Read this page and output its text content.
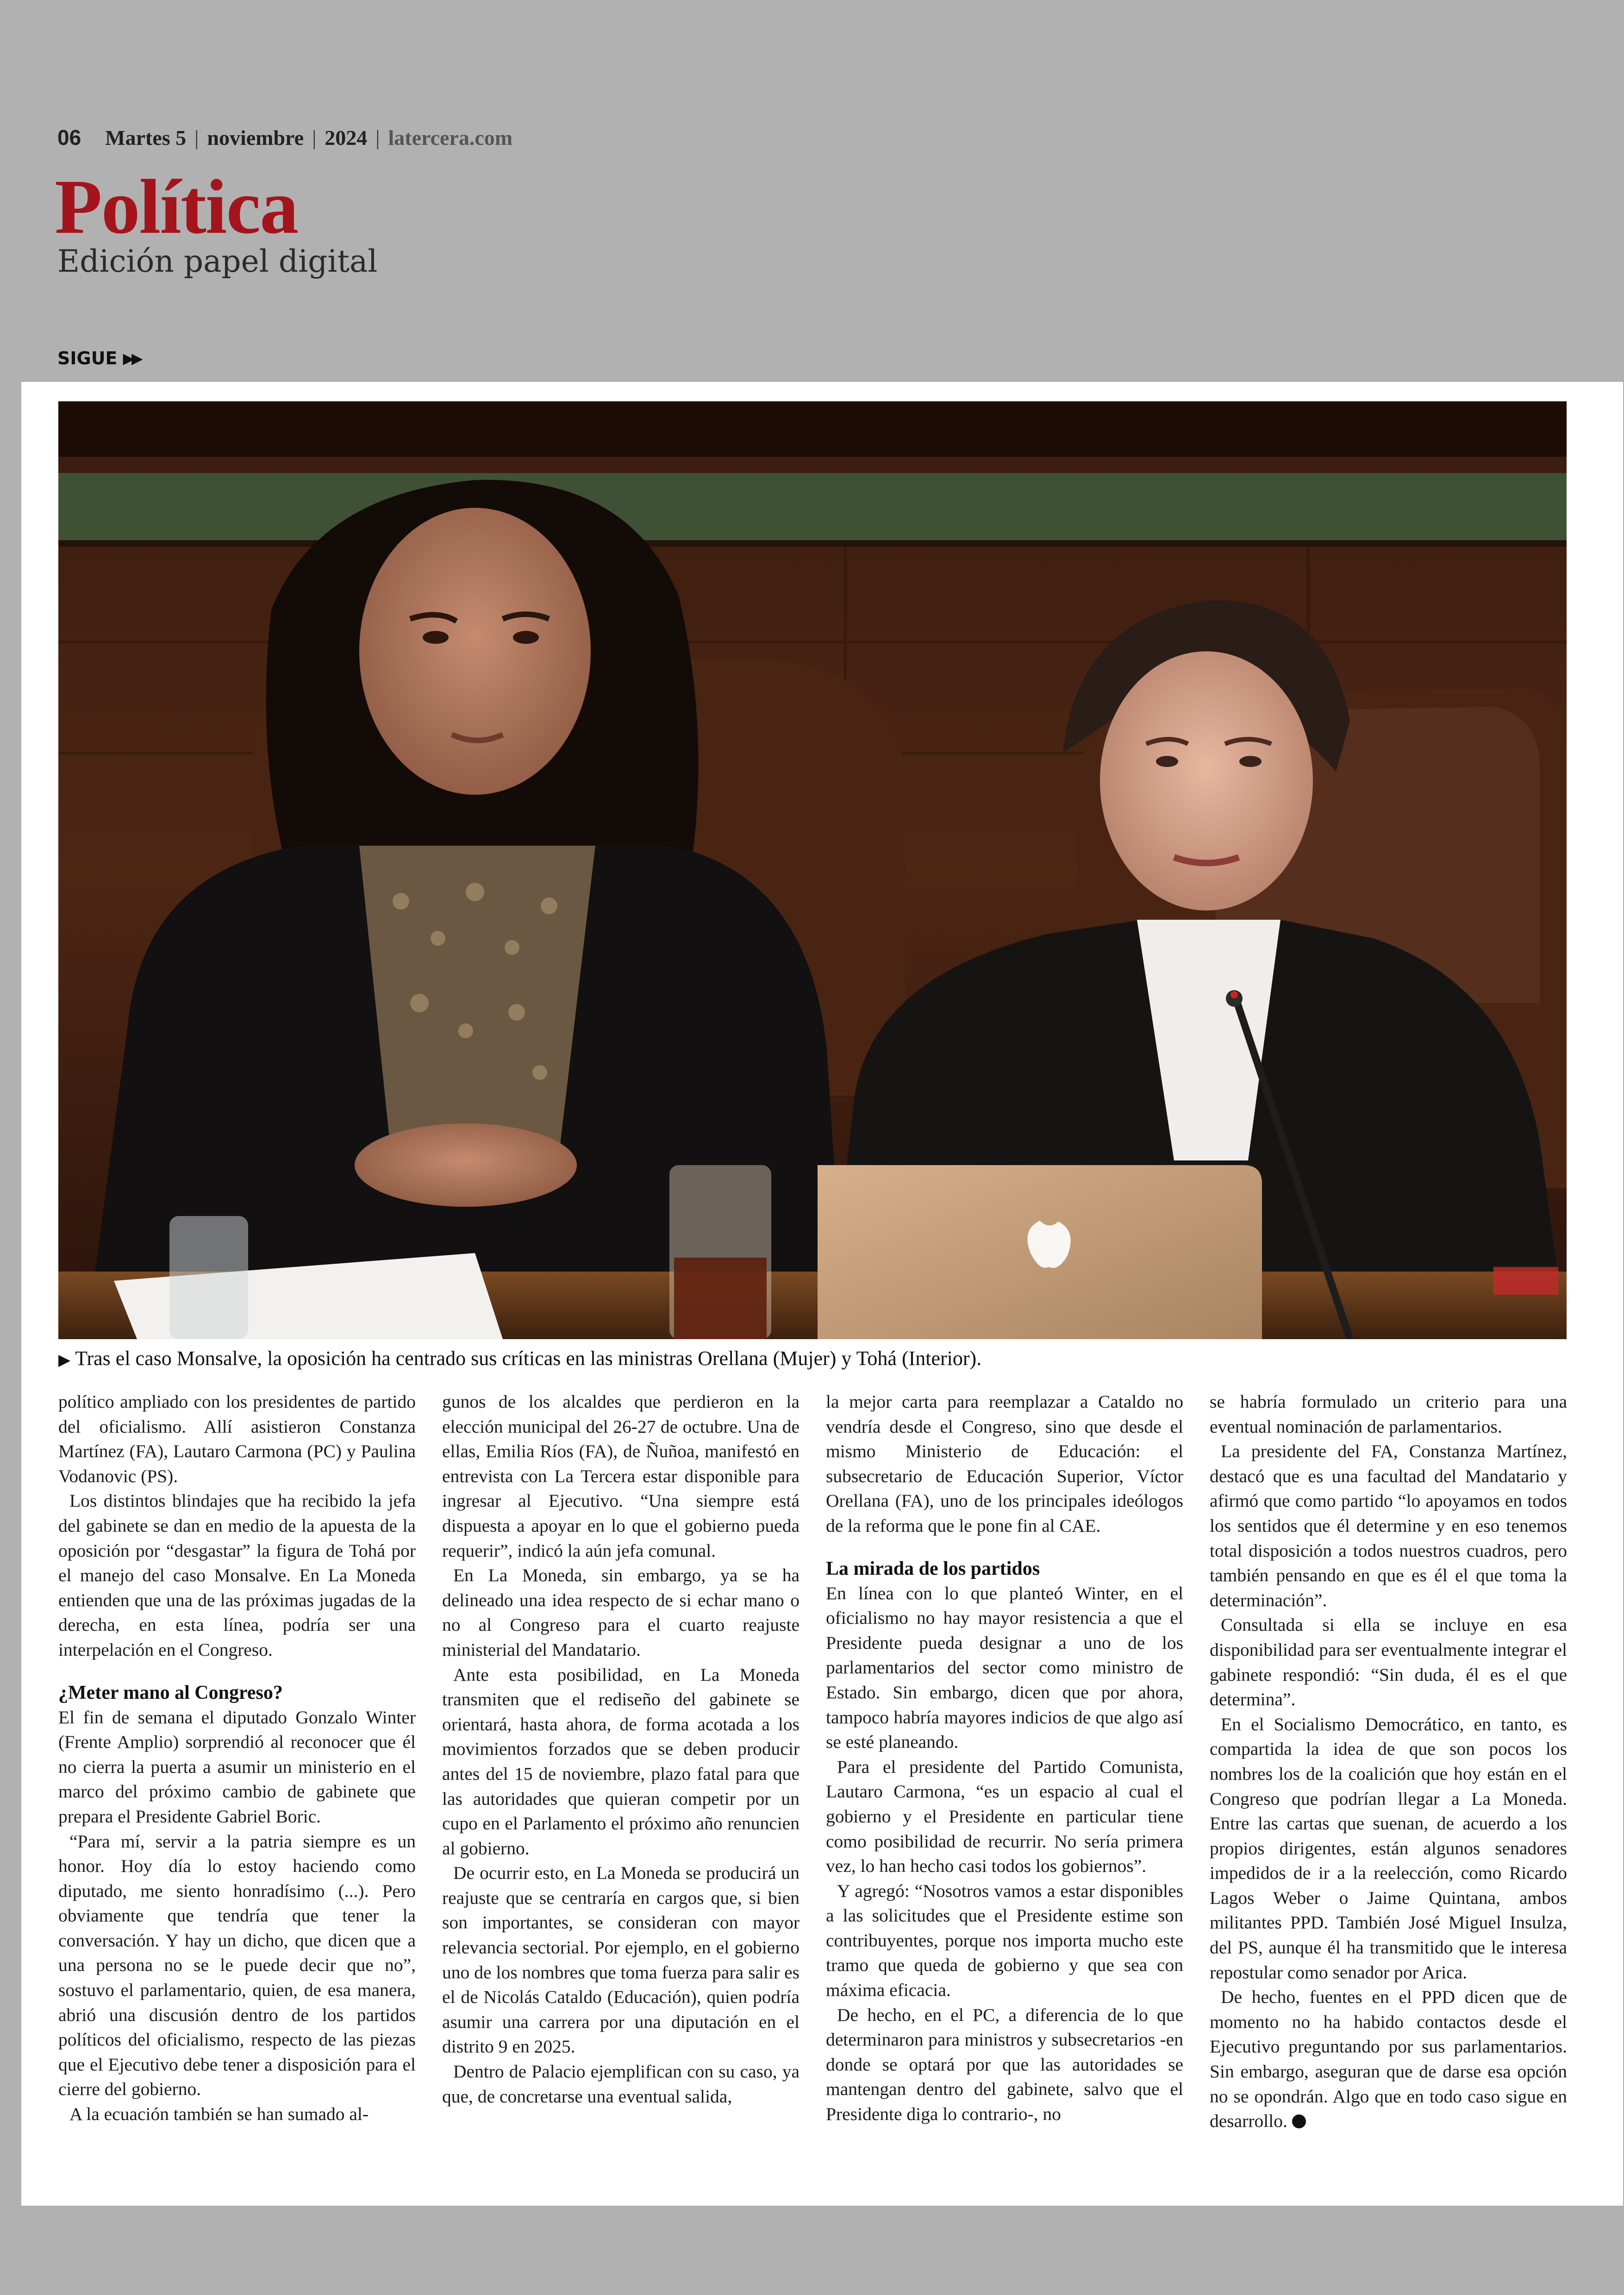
06 Martes 5 | noviembre | 2024 | latercera.com
Política
Edición papel digital
SIGUE ▶▶
▶ Tras el caso Monsalve, la oposición ha centrado sus críticas en las ministras Orellana (Mujer) y Tohá (Interior).

político ampliado con los presidentes de partido del oficialismo. Allí asistieron Constanza Martínez (FA), Lautaro Carmona (PC) y Paulina Vodanovic (PS).

Los distintos blindajes que ha recibido la jefa del gabinete se dan en medio de la apuesta de la oposición por “desgastar” la figura de Tohá por el manejo del caso Monsalve. En La Moneda entienden que una de las próximas jugadas de la derecha, en esta línea, podría ser una interpelación en el Congreso.

¿Meter mano al Congreso?

El fin de semana el diputado Gonzalo Winter (Frente Amplio) sorprendió al reconocer que él no cierra la puerta a asumir un ministerio en el marco del próximo cambio de gabinete que prepara el Presidente Gabriel Boric.

“Para mí, servir a la patria siempre es un honor. Hoy día lo estoy haciendo como diputado, me siento honradísimo (...). Pero obviamente que tendría que tener la conversación. Y hay un dicho, que dicen que a una persona no se le puede decir que no”, sostuvo el parlamentario, quien, de esa manera, abrió una discusión dentro de los partidos políticos del oficialismo, respecto de las piezas que el Ejecutivo debe tener a disposición para el cierre del gobierno.

A la ecuación también se han sumado al-

gunos de los alcaldes que perdieron en la elección municipal del 26-27 de octubre. Una de ellas, Emilia Ríos (FA), de Ñuñoa, manifestó en entrevista con La Tercera estar disponible para ingresar al Ejecutivo. “Una siempre está dispuesta a apoyar en lo que el gobierno pueda requerir”, indicó la aún jefa comunal.

En La Moneda, sin embargo, ya se ha delineado una idea respecto de si echar mano o no al Congreso para el cuarto reajuste ministerial del Mandatario.

Ante esta posibilidad, en La Moneda transmiten que el rediseño del gabinete se orientará, hasta ahora, de forma acotada a los movimientos forzados que se deben producir antes del 15 de noviembre, plazo fatal para que las autoridades que quieran competir por un cupo en el Parlamento el próximo año renuncien al gobierno.

De ocurrir esto, en La Moneda se producirá un reajuste que se centraría en cargos que, si bien son importantes, se consideran con mayor relevancia sectorial. Por ejemplo, en el gobierno uno de los nombres que toma fuerza para salir es el de Nicolás Cataldo (Educación), quien podría asumir una carrera por una diputación en el distrito 9 en 2025.

Dentro de Palacio ejemplifican con su caso, ya que, de concretarse una eventual salida,

la mejor carta para reemplazar a Cataldo no vendría desde el Congreso, sino que desde el mismo Ministerio de Educación: el subsecretario de Educación Superior, Víctor Orellana (FA), uno de los principales ideólogos de la reforma que le pone fin al CAE.

La mirada de los partidos

En línea con lo que planteó Winter, en el oficialismo no hay mayor resistencia a que el Presidente pueda designar a uno de los parlamentarios del sector como ministro de Estado. Sin embargo, dicen que por ahora, tampoco habría mayores indicios de que algo así se esté planeando.

Para el presidente del Partido Comunista, Lautaro Carmona, “es un espacio al cual el gobierno y el Presidente en particular tiene como posibilidad de recurrir. No sería primera vez, lo han hecho casi todos los gobiernos”.

Y agregó: “Nosotros vamos a estar disponibles a las solicitudes que el Presidente estime son contribuyentes, porque nos importa mucho este tramo que queda de gobierno y que sea con máxima eficacia.

De hecho, en el PC, a diferencia de lo que determinaron para ministros y subsecretarios -en donde se optará por que las autoridades se mantengan dentro del gabinete, salvo que el Presidente diga lo contrario-, no

se habría formulado un criterio para una eventual nominación de parlamentarios.

La presidente del FA, Constanza Martínez, destacó que es una facultad del Mandatario y afirmó que como partido “lo apoyamos en todos los sentidos que él determine y en eso tenemos total disposición a todos nuestros cuadros, pero también pensando en que es él el que toma la determinación”.

Consultada si ella se incluye en esa disponibilidad para ser eventualmente integrar el gabinete respondió: “Sin duda, él es el que determina”.

En el Socialismo Democrático, en tanto, es compartida la idea de que son pocos los nombres los de la coalición que hoy están en el Congreso que podrían llegar a La Moneda. Entre las cartas que suenan, de acuerdo a los propios dirigentes, están algunos senadores impedidos de ir a la reelección, como Ricardo Lagos Weber o Jaime Quintana, ambos militantes PPD. También José Miguel Insulza, del PS, aunque él ha transmitido que le interesa repostular como senador por Arica.

De hecho, fuentes en el PPD dicen que de momento no ha habido contactos desde el Ejecutivo preguntando por sus parlamentarios. Sin embargo, aseguran que de darse esa opción no se opondrán. Algo que en todo caso sigue en desarrollo.
